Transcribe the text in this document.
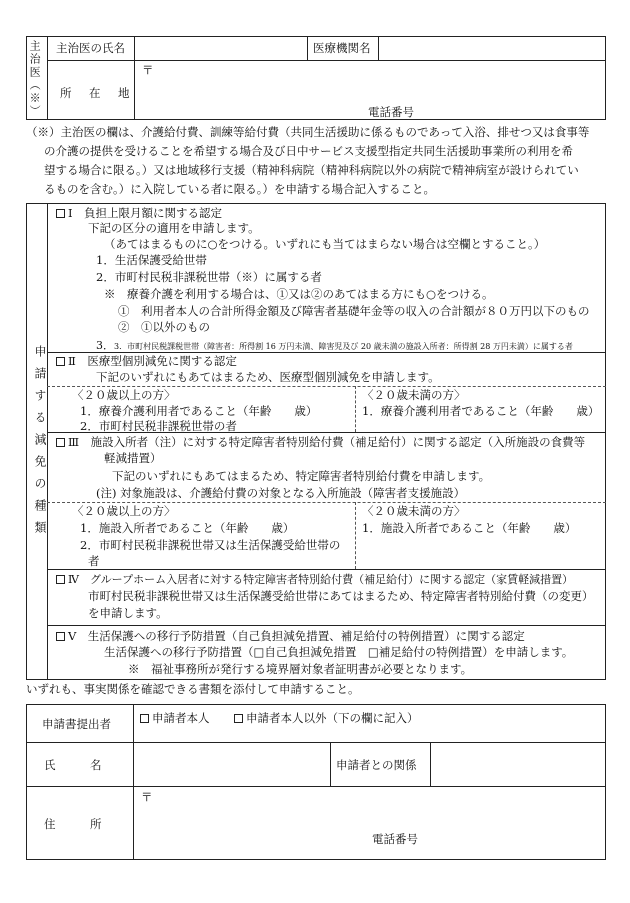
主治医（※） 主治医の氏名	医療機関名
所　在　地
〒
電話番号
（※）主治医の欄は、介護給付費、訓練等給付費（共同生活援助に係るものであって入浴、排せつ又は食事等
の介護の提供を受けることを希望する場合及び日中サービス支援型指定共同生活援助事業所の利用を希
望する場合に限る。）又は地域移行支援（精神科病院（精神科病院以外の病院で精神病室が設けられてい
るものを含む。）に入院している者に限る。）を申請する場合記入すること。
申請する減免の種類
Ⅰ　負担上限月額に関する認定
下記の区分の適用を申請します。
（あてはまるものに○をつける。いずれにも当てはまらない場合は空欄とすること。）
1．生活保護受給世帯
2．市町村民税非課税世帯（※）に属する者
※　療養介護を利用する場合は、①又は②のあてはまる方にも○をつける。
①　利用者本人の合計所得金額及び障害者基礎年金等の収入の合計額が８０万円以下のもの
②　①以外のもの
3．3．市町村民税課税世帯（障害者：所得割 16 万円未満、障害児及び 20 歳未満の施設入所者：所得割 28 万円未満）に属する者
Ⅱ　医療型個別減免に関する認定
下記のいずれにもあてはまるため、医療型個別減免を申請します。
〈２０歳以上の方〉
1．療養介護利用者であること（年齢　　歳）
2．市町村民税非課税世帯の者
〈２０歳未満の方〉
1．療養介護利用者であること（年齢　　歳）
Ⅲ　施設入所者（注）に対する特定障害者特別給付費（補足給付）に関する認定（入所施設の食費等
軽減措置）
下記のいずれにもあてはまるため、特定障害者特別給付費を申請します。
(注) 対象施設は、介護給付費の対象となる入所施設（障害者支援施設）
〈２０歳以上の方〉
1．施設入所者であること（年齢　　歳）
2．市町村民税非課税世帯又は生活保護受給世帯の
者
〈２０歳未満の方〉
1．施設入所者であること（年齢　　歳）
Ⅳ　グループホーム入居者に対する特定障害者特別給付費（補足給付）に関する認定（家賃軽減措置）
市町村民税非課税世帯又は生活保護受給世帯にあてはまるため、特定障害者特別給付費（の変更）
を申請します。
Ⅴ　生活保護への移行予防措置（自己負担減免措置、補足給付の特例措置）に関する認定
生活保護への移行予防措置（□自己負担減免措置　□補足給付の特例措置）を申請します。
※　福祉事務所が発行する境界層対象者証明書が必要となります。
いずれも、事実関係を確認できる書類を添付して申請すること。
申請書提出者	申請者本人	申請者本人以外（下の欄に記入）
氏　　　名	申請者との関係
住　　　所
〒
電話番号
